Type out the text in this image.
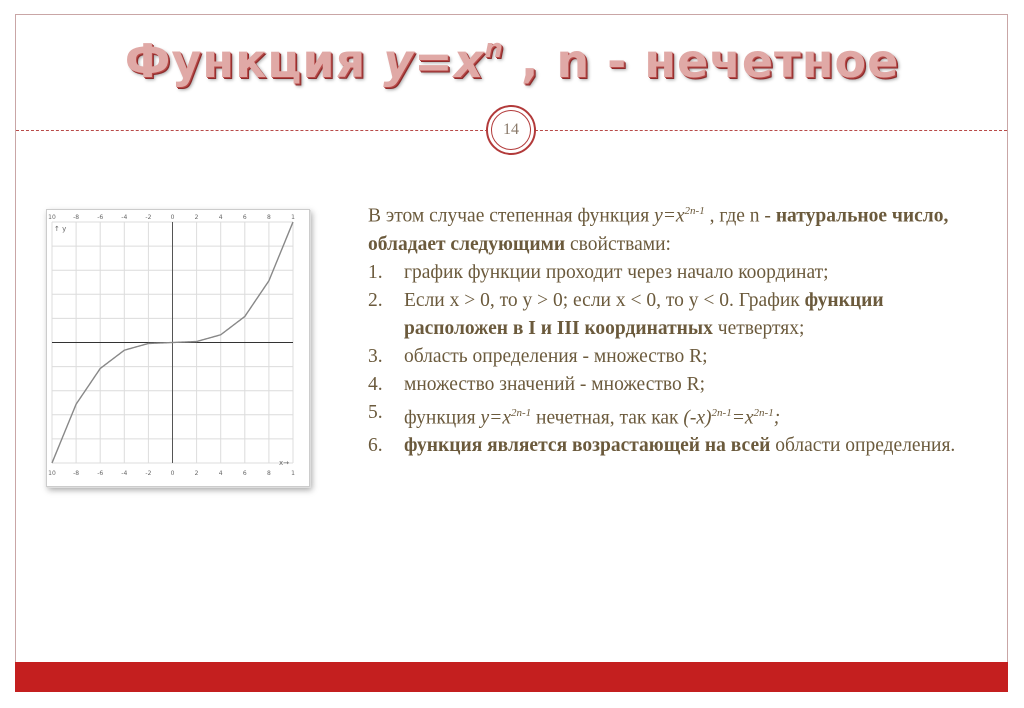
Функция $y=x^n$ , n - нечетное
14
10
10
-8
-8
-6
-6
-4
-4
-2
-2
0
0
2
2
4
4
6
6
8
8
1
1
↑ y
x→

В этом случае степенная функция $y=x^{2n-1}$ , где n - натуральное число, обладает следующими свойствами:

1. график функции проходит через начало координат;
2. Если x > 0, то y > 0; если x < 0, то y < 0. График функции расположен в I и III координатных четвертях;
3. область определения - множество R;
4. множество значений - множество R;
5. функция $y=x^{2n-1}$ нечетная, так как $(-x)^{2n-1}=x^{2n-1}$;
6. функция является возрастающей на всей области определения.
